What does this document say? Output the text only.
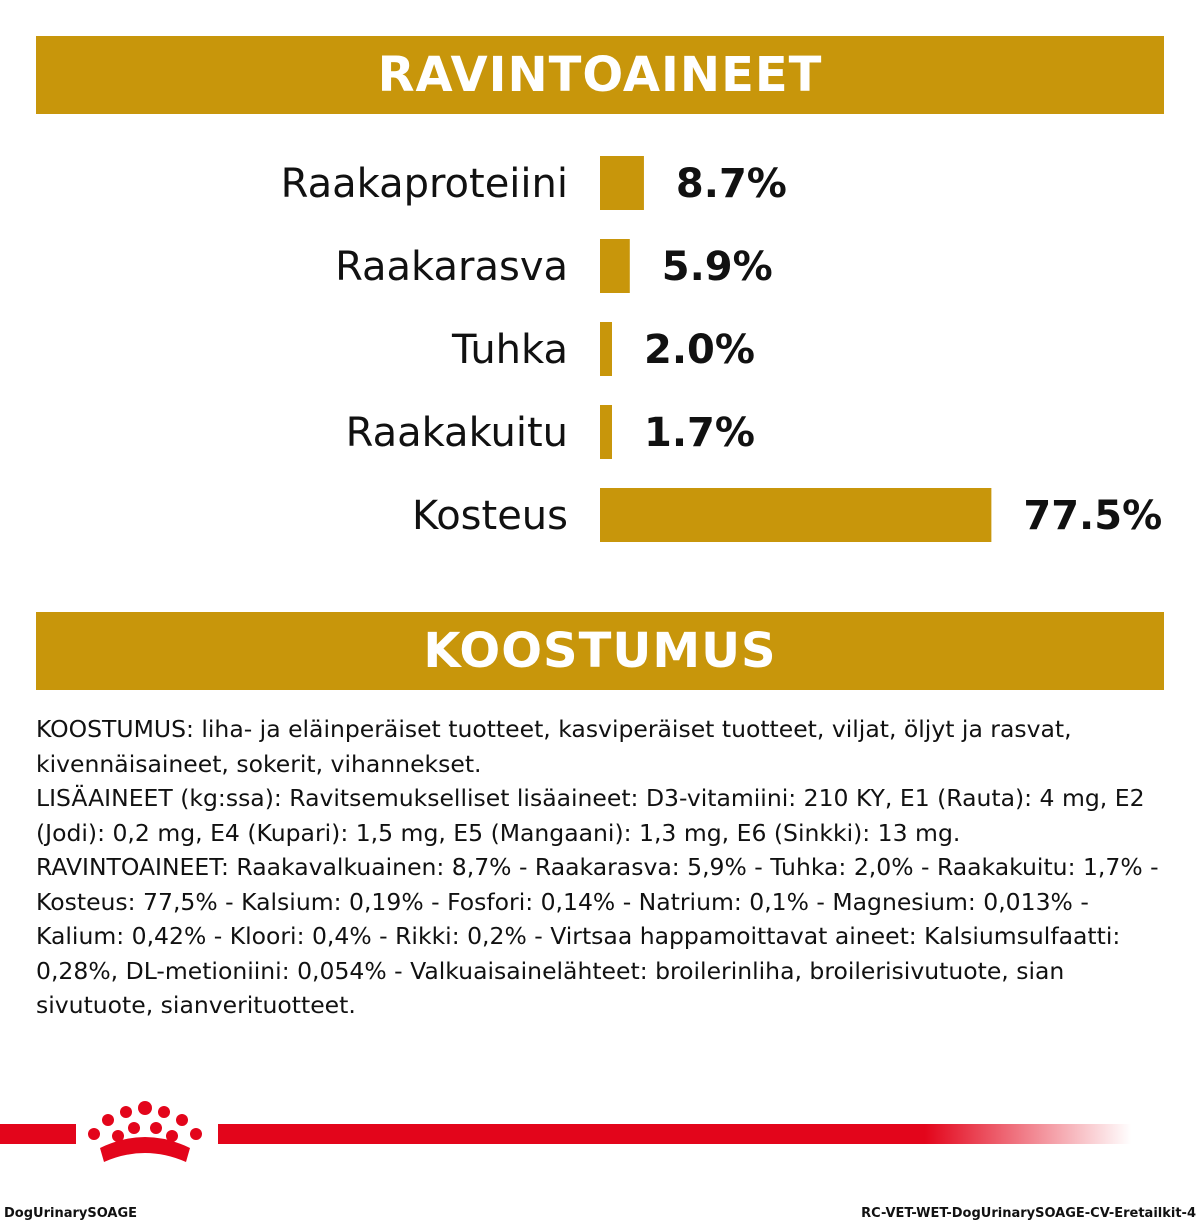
RAVINTOAINEET
Raakaproteiini	8.7%
Raakarasva 5.9%
Tuhka 2.0%
Raakakuitu 1.7%
Kosteus	77.5%
KOOSTUMUS

KOOSTUMUS: liha- ja eläinperäiset tuotteet, kasviperäiset tuotteet, viljat, öljyt ja rasvat, kivennäisaineet, sokerit, vihannekset.

LISÄAINEET (kg:ssa): Ravitsemukselliset lisäaineet: D3-vitamiini: 210 KY, E1 (Rauta): 4 mg, E2 (Jodi): 0,2 mg, E4 (Kupari): 1,5 mg, E5 (Mangaani): 1,3 mg, E6 (Sinkki): 13 mg.

RAVINTOAINEET: Raakavalkuainen: 8,7% - Raakarasva: 5,9% - Tuhka: 2,0% - Raakakuitu: 1,7% - Kosteus: 77,5% - Kalsium: 0,19% - Fosfori: 0,14% - Natrium: 0,1% - Magnesium: 0,013% - Kalium: 0,42% - Kloori: 0,4% - Rikki: 0,2% - Virtsaa happamoittavat aineet: Kalsiumsulfaatti: 0,28%, DL-metioniini: 0,054% - Valkuaisainelähteet: broilerinliha, broilerisivutuote, sian sivutuote, sianverituotteet.

DogUrinarySOAGE	RC-VET-WET-DogUrinarySOAGE-CV-Eretailkit-4
